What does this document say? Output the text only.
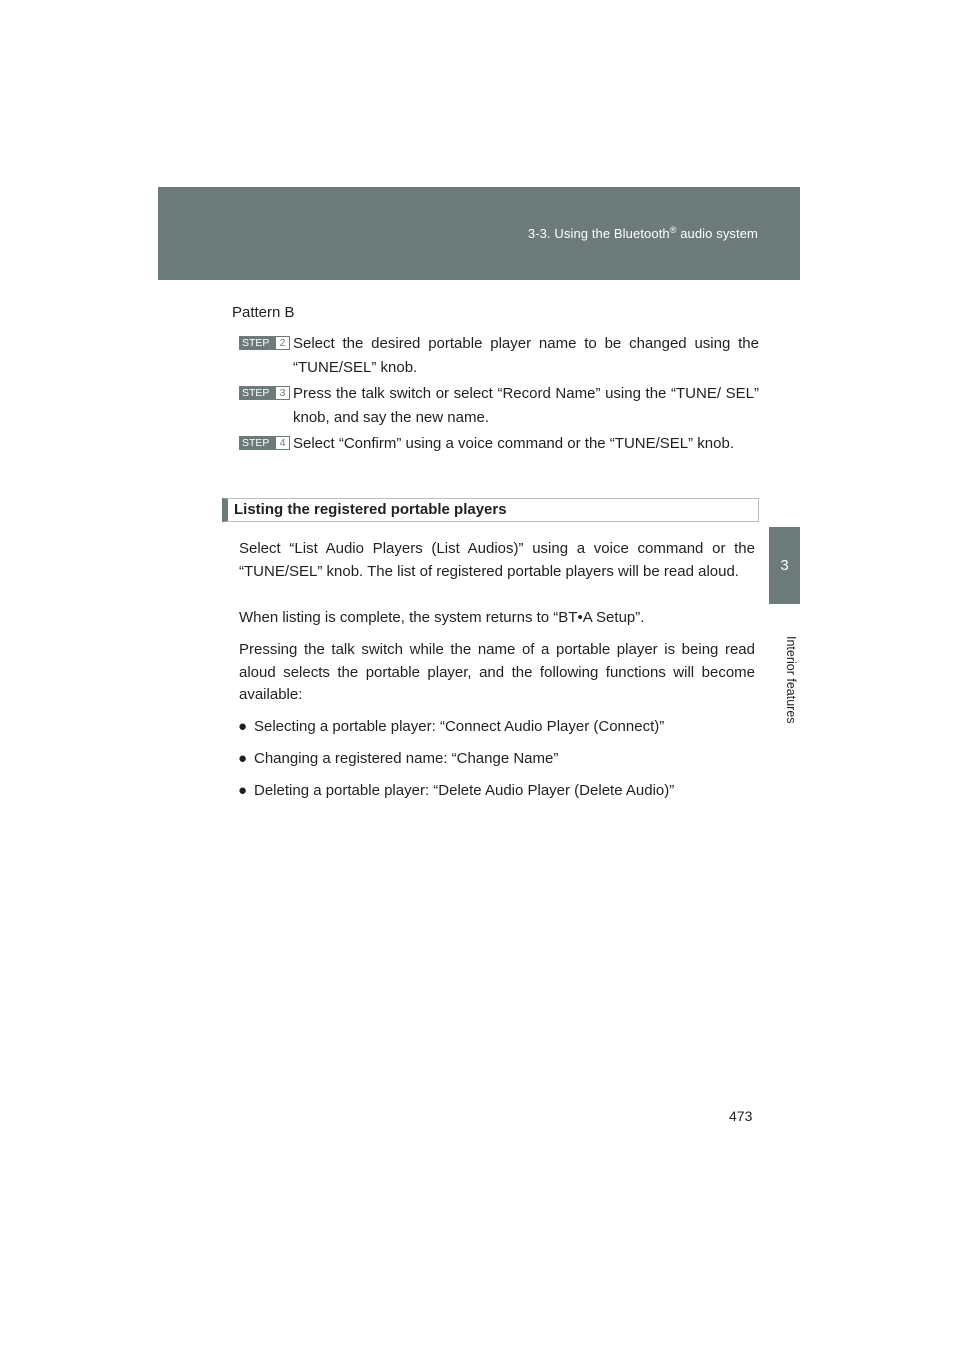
3-3. Using the Bluetooth® audio system
3
Interior features
Pattern B
STEP 2 Select the desired portable player name to be changed using the “TUNE/SEL” knob.
STEP 3 Press the talk switch or select “Record Name” using the “TUNE/ SEL” knob, and say the new name.
STEP 4 Select “Confirm” using a voice command or the “TUNE/SEL” knob.
Listing the registered portable players
Select “List Audio Players (List Audios)” using a voice command or the “TUNE/SEL” knob. The list of registered portable players will be read aloud.
When listing is complete, the system returns to “BT•A Setup”.
Pressing the talk switch while the name of a portable player is being read aloud selects the portable player, and the following functions will become available:
● Selecting a portable player: “Connect Audio Player (Connect)”
● Changing a registered name: “Change Name”
● Deleting a portable player: “Delete Audio Player (Delete Audio)”
473
